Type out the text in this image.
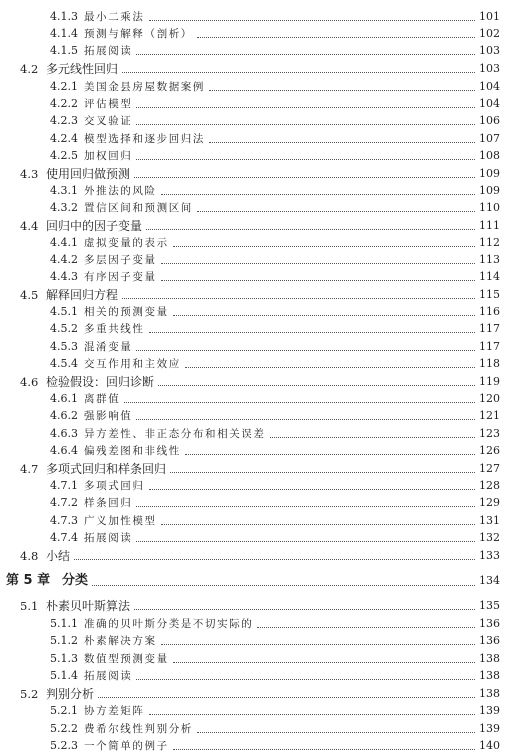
4.1.3 最小二乘法	101
4.1.4 预测与解释（剖析）	102
4.1.5 拓展阅读	103
4.2 多元线性回归	103
4.2.1 美国金县房屋数据案例	104
4.2.2 评估模型	104
4.2.3 交叉验证	106
4.2.4 模型选择和逐步回归法	107
4.2.5 加权回归	108
4.3 使用回归做预测	109
4.3.1 外推法的风险	109
4.3.2 置信区间和预测区间	110
4.4 回归中的因子变量	111
4.4.1 虚拟变量的表示	112
4.4.2 多层因子变量	113
4.4.3 有序因子变量	114
4.5 解释回归方程	115
4.5.1 相关的预测变量	116
4.5.2 多重共线性	117
4.5.3 混淆变量	117
4.5.4 交互作用和主效应	118
4.6 检验假设：回归诊断	119
4.6.1 离群值	120
4.6.2 强影响值	121
4.6.3 异方差性、非正态分布和相关误差	123
4.6.4 偏残差图和非线性	126
4.7 多项式回归和样条回归	127
4.7.1 多项式回归	128
4.7.2 样条回归	129
4.7.3 广义加性模型	131
4.7.4 拓展阅读	132
4.8 小结	133
第 5 章 分类	134
5.1 朴素贝叶斯算法	135
5.1.1 准确的贝叶斯分类是不切实际的	136
5.1.2 朴素解决方案	136
5.1.3 数值型预测变量	138
5.1.4 拓展阅读	138
5.2 判别分析	138
5.2.1 协方差矩阵	139
5.2.2 费希尔线性判别分析	139
5.2.3 一个简单的例子	140
